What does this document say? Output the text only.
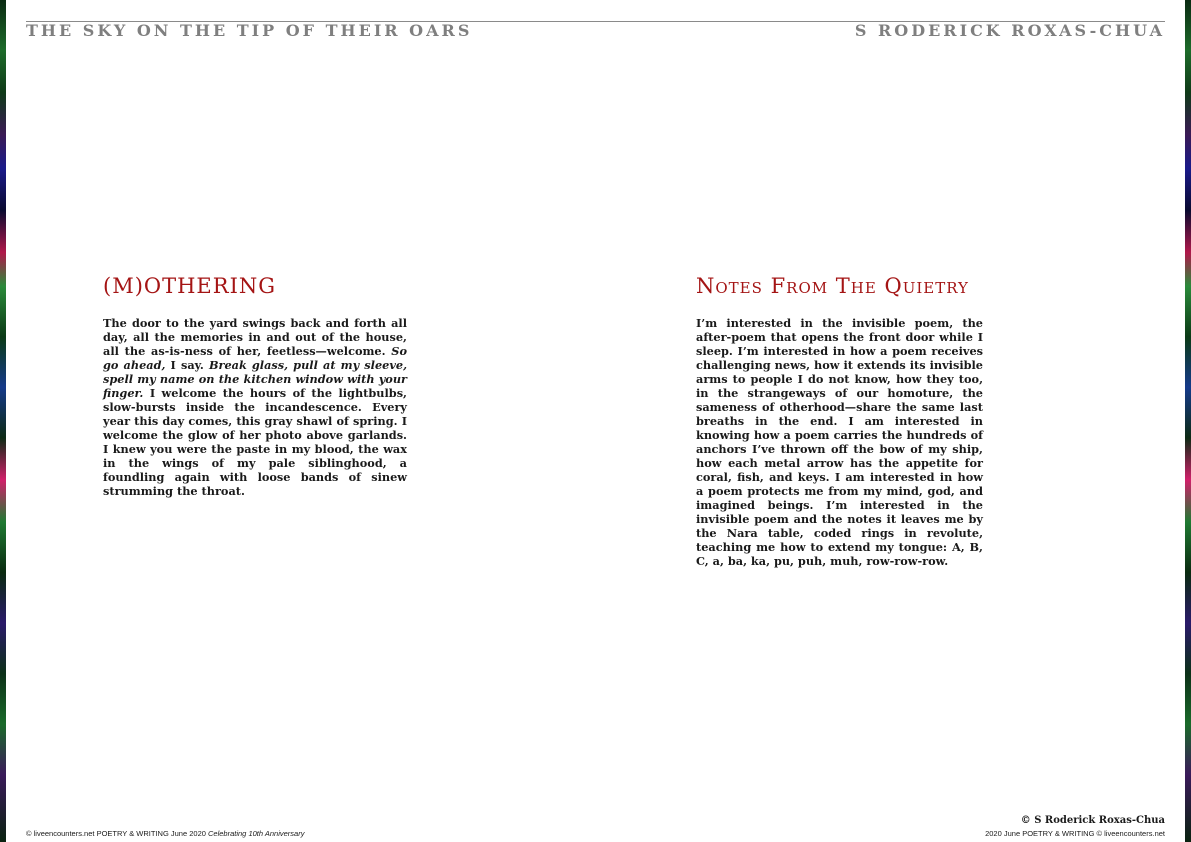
THE SKY ON THE TIP OF THEIR OARS	S RODERICK ROXAS-CHUA
(M)OTHERING
The door to the yard swings back and forth all day, all the memories in and out of the house, all the as-is-ness of her, feetless—welcome. So go ahead, I say. Break glass, pull at my sleeve, spell my name on the kitchen window with your finger. I welcome the hours of the lightbulbs, slow-bursts inside the incandescence. Every year this day comes, this gray shawl of spring. I welcome the glow of her photo above garlands. I knew you were the paste in my blood, the wax in the wings of my pale siblinghood, a foundling again with loose bands of sinew strumming the throat.
Notes From The Quietry
I’m interested in the invisible poem, the after-poem that opens the front door while I sleep. I’m interested in how a poem receives challenging news, how it extends its invisible arms to people I do not know, how they too, in the strangeways of our homoture, the sameness of otherhood—share the same last breaths in the end. I am interested in knowing how a poem carries the hundreds of anchors I’ve thrown off the bow of my ship, how each metal arrow has the appetite for coral, fish, and keys. I am interested in how a poem protects me from my mind, god, and imagined beings. I’m interested in the invisible poem and the notes it leaves me by the Nara table, coded rings in revolute, teaching me how to extend my tongue: A, B, C, a, ba, ka, pu, puh, muh, row-row-row.
© liveencounters.net POETRY & WRITING June 2020 Celebrating 10th Anniversary
© S Roderick Roxas-Chua
2020 June POETRY & WRITING © liveencounters.net
